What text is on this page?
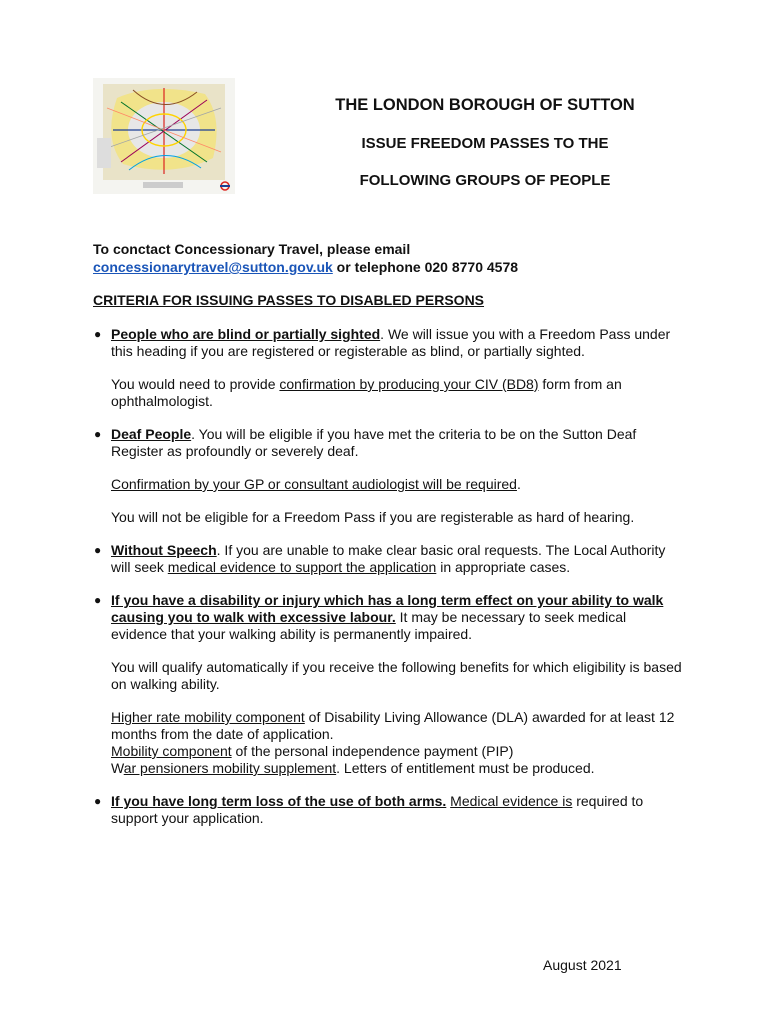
THE LONDON BOROUGH OF SUTTON
ISSUE FREEDOM PASSES TO THE
FOLLOWING GROUPS OF PEOPLE
To conctact Concessionary Travel, please email
concessionarytravel@sutton.gov.uk or telephone 020 8770 4578
CRITERIA FOR ISSUING PASSES TO DISABLED PERSONS
● People who are blind or partially sighted. We will issue you with a Freedom Pass under this heading if you are registered or registerable as blind, or partially sighted.

You would need to provide confirmation by producing your CIV (BD8) form from an ophthalmologist.

● Deaf People. You will be eligible if you have met the criteria to be on the Sutton Deaf Register as profoundly or severely deaf.

Confirmation by your GP or consultant audiologist will be required.

You will not be eligible for a Freedom Pass if you are registerable as hard of hearing.

● Without Speech. If you are unable to make clear basic oral requests. The Local Authority will seek medical evidence to support the application in appropriate cases.

● If you have a disability or injury which has a long term effect on your ability to walk causing you to walk with excessive labour. It may be necessary to seek medical evidence that your walking ability is permanently impaired.

You will qualify automatically if you receive the following benefits for which eligibility is based on walking ability.

Higher rate mobility component of Disability Living Allowance (DLA) awarded for at least 12 months from the date of application.

Mobility component of the personal independence payment (PIP)

War pensioners mobility supplement. Letters of entitlement must be produced.

● If you have long term loss of the use of both arms. Medical evidence is required to support your application.

August 2021
